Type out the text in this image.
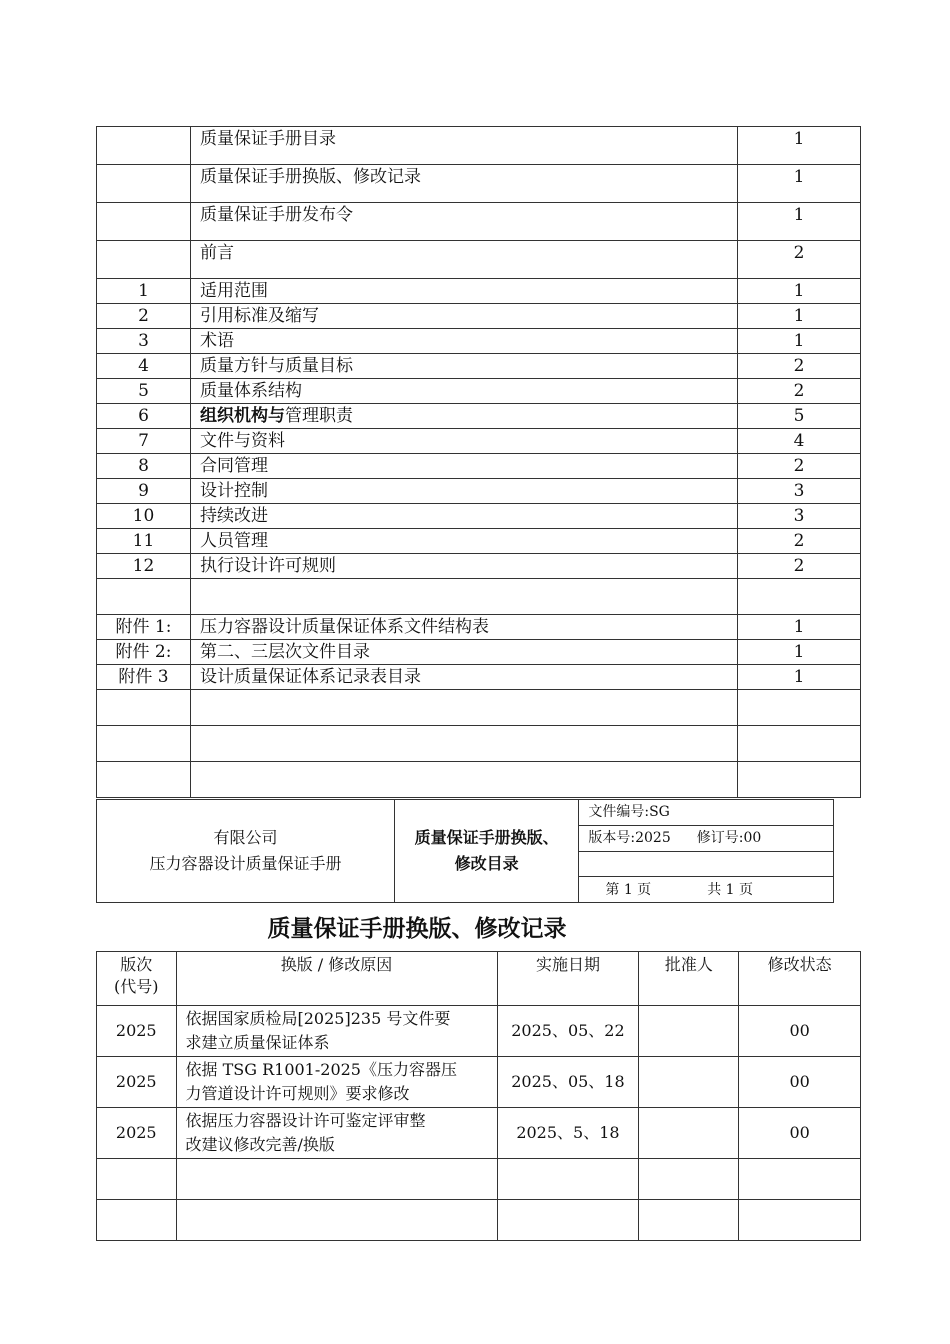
	质量保证手册目录	1
	质量保证手册换版、修改记录	1
	质量保证手册发布令	1
	前言	2
1	适用范围	1
2	引用标准及缩写	1
3	术语	1
4	质量方针与质量目标	2
5	质量体系结构	2
6	组织机构与管理职责	5
7	文件与资料	4
8	合同管理	2
9	设计控制	3
10	持续改进	3
11	人员管理	2
12	执行设计许可规则	2

附件 1:	压力容器设计质量保证体系文件结构表	1
附件 2:	第二、三层次文件目录	1
附件 3	设计质量保证体系记录表目录	1

有限公司
压力容器设计质量保证手册

质量保证手册换版、
修改目录
	文件编号:SG
版本号:2025 修订号:00

第 1 页	共 1 页
质量保证手册换版、修改记录
版次
(代号)	换版 / 修改原因	实施日期	批准人	修改状态
2025	依据国家质检局[2025]235 号文件要
求建立质量保证体系	2025、05、22		00
2025	依据 TSG R1001-2025《压力容器压
力管道设计许可规则》要求修改	2025、05、18		00
2025	依据压力容器设计许可鉴定评审整
改建议修改完善/换版	2025、5、18		00
